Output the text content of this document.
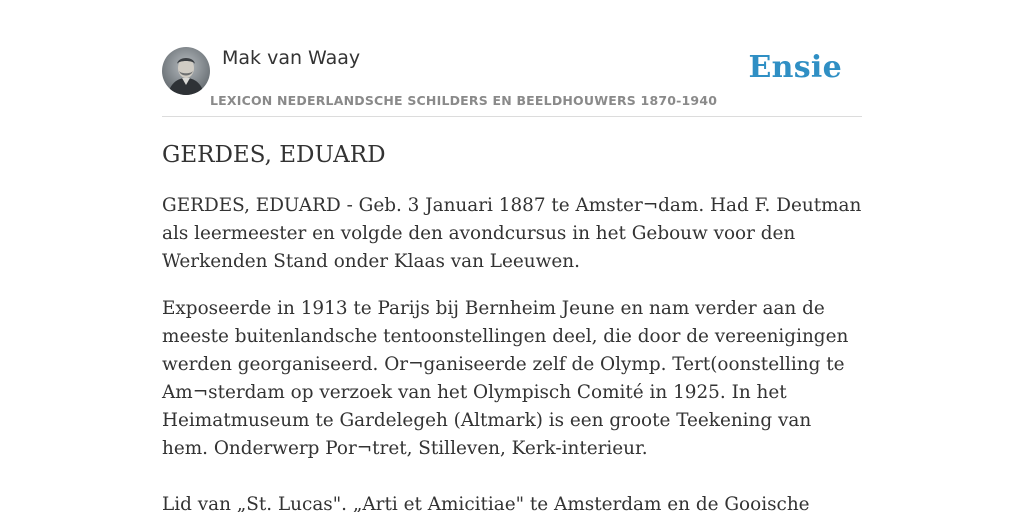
Mak van Waay
LEXICON NEDERLANDSCHE SCHILDERS EN BEELDHOUWERS 1870-1940
Ensie
GERDES, EDUARD

GERDES, EDUARD - Geb. 3 Januari 1887 te Amster¬dam. Had F. Deutman als leermeester en volgde den avondcursus in het Gebouw voor den Werkenden Stand onder Klaas van Leeuwen.

Exposeerde in 1913 te Parijs bij Bernheim Jeune en nam verder aan de meeste buitenlandsche tentoonstellingen deel, die door de vereenigingen werden georganiseerd. Or¬ganiseerde zelf de Olymp. Tert(oonstelling te Am¬sterdam op verzoek van het Olympisch Comité in 1925. In het Heimatmuseum te Gardelegeh (Altmark) is een groote Teekening van hem. Onderwerp Por¬tret, Stilleven, Kerk-interieur.

Lid van „St. Lucas". „Arti et Amicitiae" te Amsterdam en de Gooische
